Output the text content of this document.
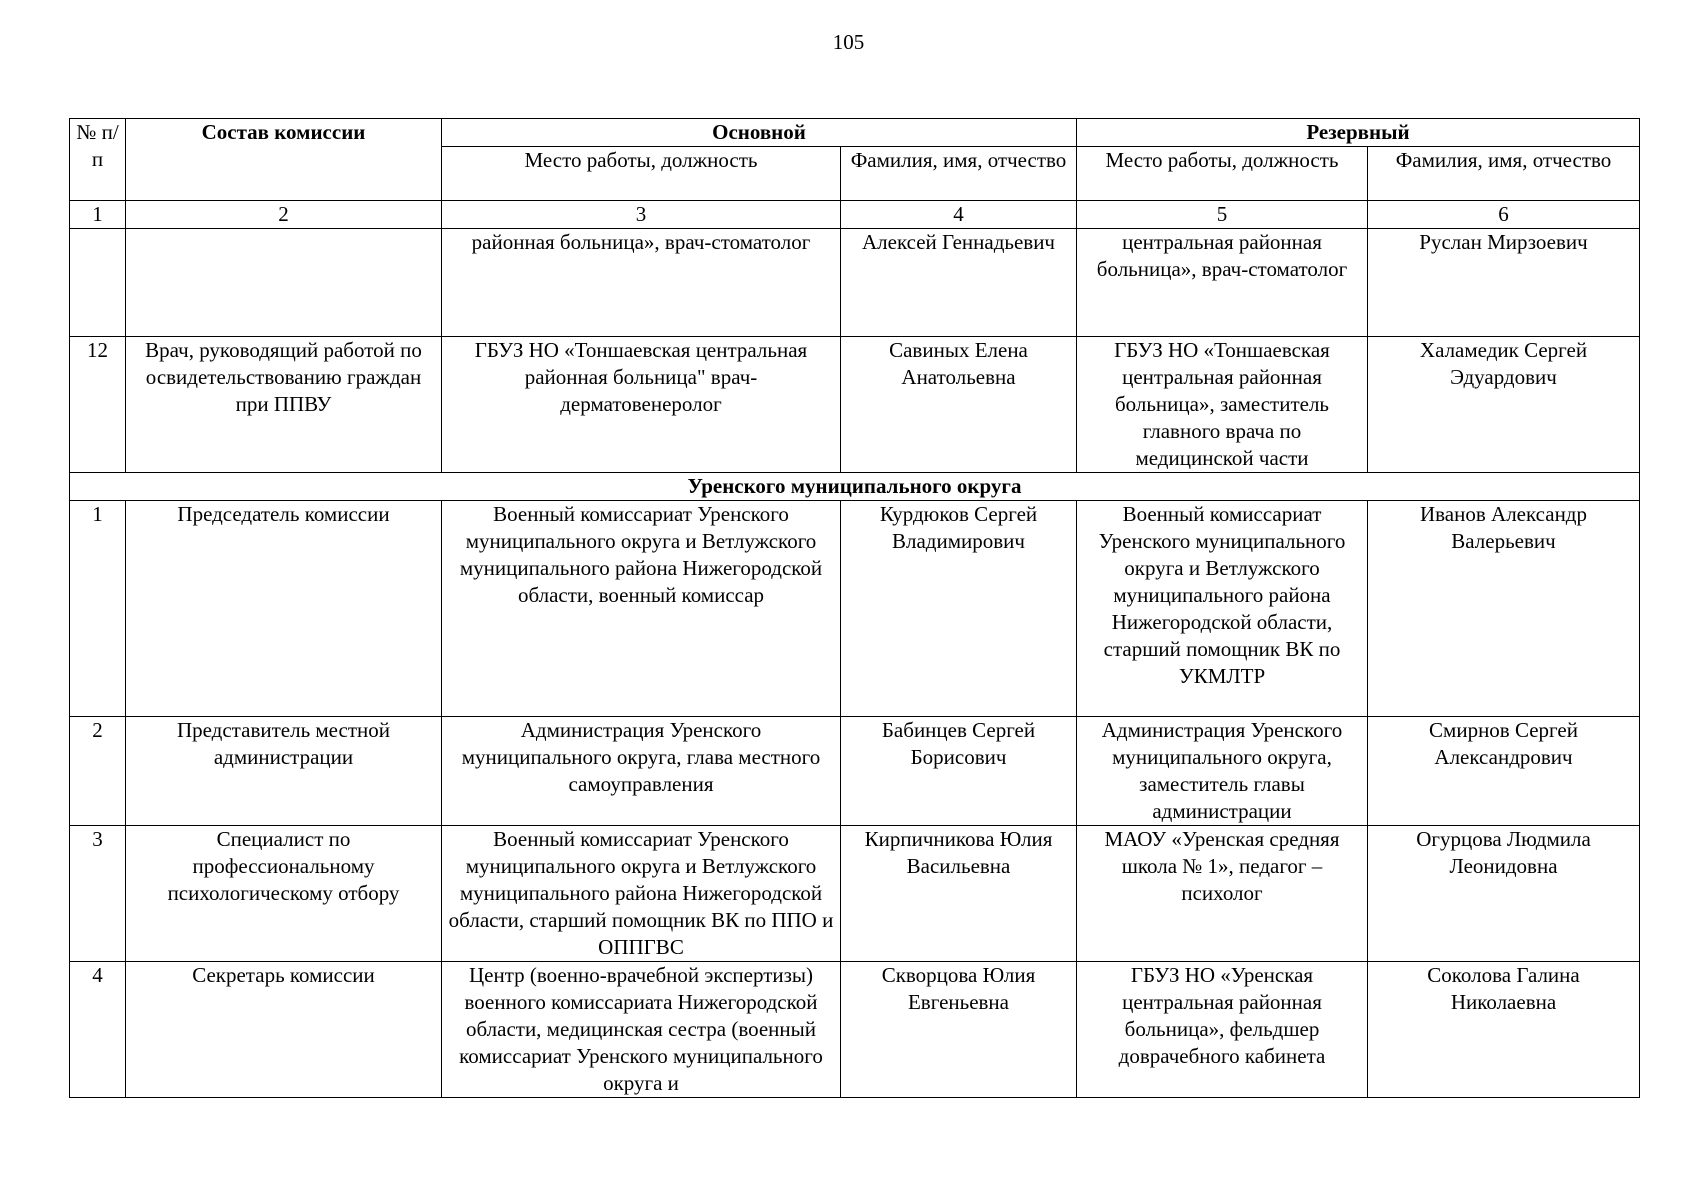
105
№ п/п	Состав комиссии	Основной		Резервный	
		Место работы, должность	Фамилия, имя, отчество	Место работы, должность	Фамилия, имя, отчество
1	2	3	4	5	6
		районная больница», врач-стоматолог	Алексей Геннадьевич	центральная районная больница», врач-стоматолог	Руслан Мирзоевич
12	Врач, руководящий работой по освидетельствованию граждан при ППВУ	ГБУЗ НО «Тоншаевская центральная районная больница" врач-дерматовенеролог	Савиных Елена Анатольевна	ГБУЗ НО «Тоншаевская центральная районная больница», заместитель главного врача по медицинской части	Халамедик Сергей Эдуардович
Уренского муниципального округа					
1	Председатель комиссии	Военный комиссариат Уренского муниципального округа и Ветлужского муниципального района Нижегородской области, военный комиссар	Курдюков Сергей Владимирович	Военный комиссариат Уренского муниципального округа и Ветлужского муниципального района Нижегородской области, старший помощник ВК по УКМЛТР	Иванов Александр Валерьевич
2	Представитель местной администрации	Администрация Уренского муниципального округа, глава местного самоуправления	Бабинцев Сергей Борисович	Администрация Уренского муниципального округа, заместитель главы администрации	Смирнов Сергей Александрович
3	Специалист по профессиональному психологическому отбору	Военный комиссариат Уренского муниципального округа и Ветлужского муниципального района Нижегородской области, старший помощник ВК по ППО и ОППГВС	Кирпичникова Юлия Васильевна	МАОУ «Уренская средняя школа № 1», педагог – психолог	Огурцова Людмила Леонидовна
4	Секретарь комиссии	Центр (военно-врачебной экспертизы) военного комиссариата Нижегородской области, медицинская сестра (военный комиссариат Уренского муниципального округа и	Скворцова Юлия Евгеньевна	ГБУЗ НО «Уренская центральная районная больница», фельдшер доврачебного кабинета	Соколова Галина Николаевна
